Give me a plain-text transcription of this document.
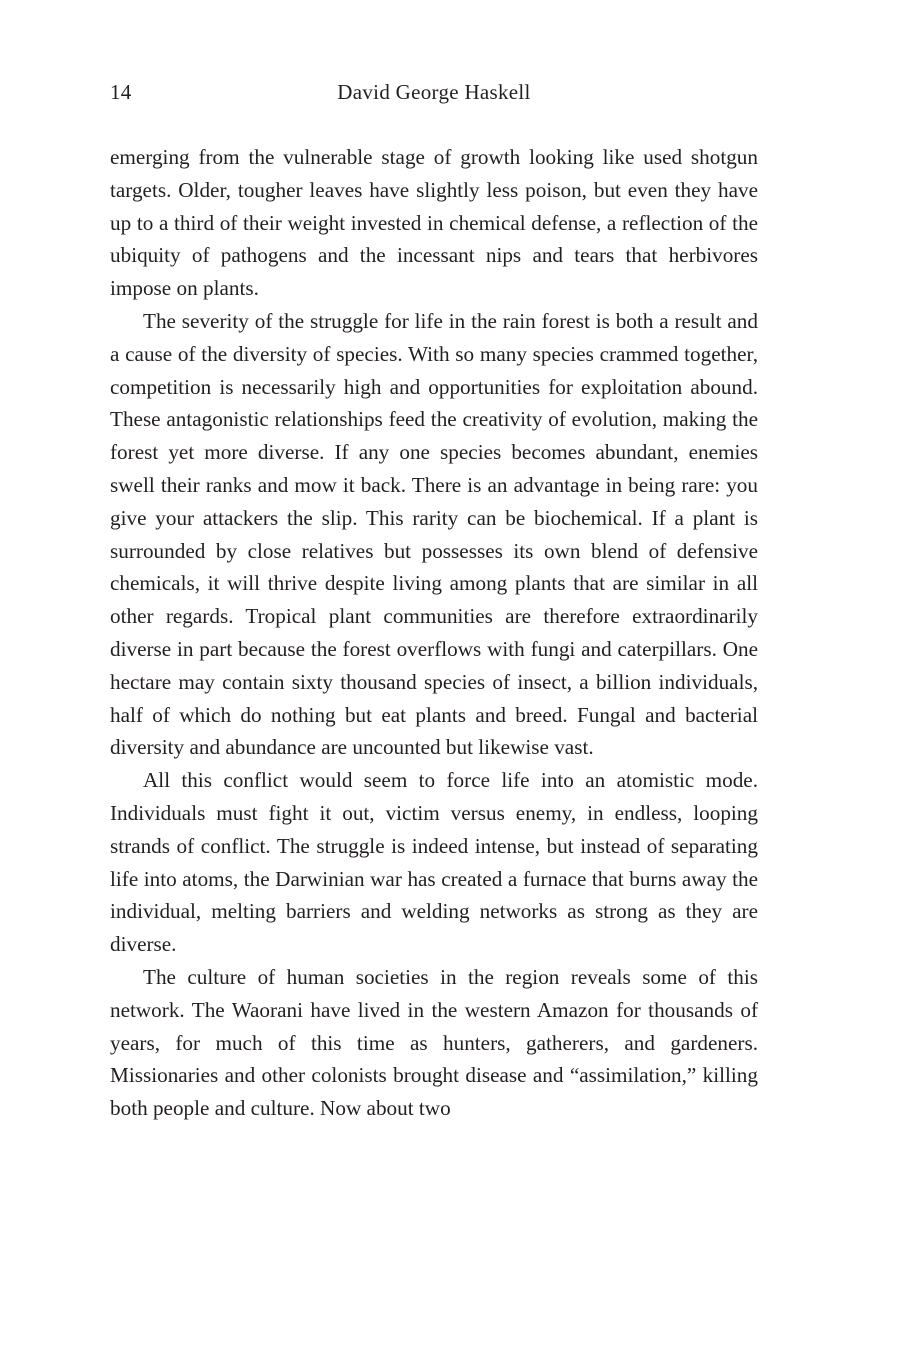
14	David George Haskell

emerging from the vulnerable stage of growth looking like used shotgun targets. Older, tougher leaves have slightly less poison, but even they have up to a third of their weight invested in chemical defense, a reflection of the ubiquity of pathogens and the incessant nips and tears that herbivores impose on plants.

The severity of the struggle for life in the rain forest is both a result and a cause of the diversity of species. With so many species crammed together, competition is necessarily high and opportunities for exploitation abound. These antagonistic relationships feed the creativity of evolution, making the forest yet more diverse. If any one species becomes abundant, enemies swell their ranks and mow it back. There is an advantage in being rare: you give your attackers the slip. This rarity can be biochemical. If a plant is surrounded by close relatives but possesses its own blend of defensive chemicals, it will thrive despite living among plants that are similar in all other regards. Tropical plant communities are therefore extraordinarily diverse in part because the forest overflows with fungi and caterpillars. One hectare may contain sixty thousand species of insect, a billion individuals, half of which do nothing but eat plants and breed. Fungal and bacterial diversity and abundance are uncounted but likewise vast.

All this conflict would seem to force life into an atomistic mode. Individuals must fight it out, victim versus enemy, in endless, looping strands of conflict. The struggle is indeed intense, but instead of separating life into atoms, the Darwinian war has created a furnace that burns away the individual, melting barriers and welding networks as strong as they are diverse.

The culture of human societies in the region reveals some of this network. The Waorani have lived in the western Amazon for thousands of years, for much of this time as hunters, gatherers, and gardeners. Missionaries and other colonists brought disease and “assimilation,” killing both people and culture. Now about two
